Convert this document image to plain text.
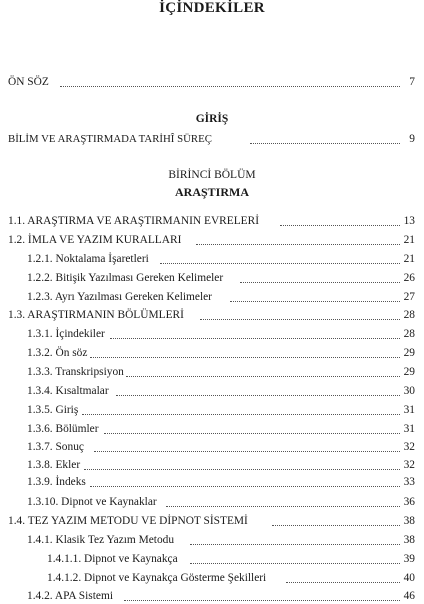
İÇİNDEKİLER
ÖN SÖZ	7
GİRİŞ
BİLİM VE ARAŞTIRMADA TARİHÎ SÜREÇ	9
BİRİNCİ BÖLÜM
ARAŞTIRMA
1.1. ARAŞTIRMA VE ARAŞTIRMANIN EVRELERİ	13
1.2. İMLA VE YAZIM KURALLARI	21
1.2.1. Noktalama İşaretleri	21
1.2.2. Bitişik Yazılması Gereken Kelimeler	26
1.2.3. Ayrı Yazılması Gereken Kelimeler	27
1.3. ARAŞTIRMANIN BÖLÜMLERİ	28
1.3.1. İçindekiler	28
1.3.2. Ön söz	29
1.3.3. Transkripsiyon	29
1.3.4. Kısaltmalar	30
1.3.5. Giriş	31
1.3.6. Bölümler	31
1.3.7. Sonuç	32
1.3.8. Ekler	32
1.3.9. İndeks	33
1.3.10. Dipnot ve Kaynaklar	36
1.4. TEZ YAZIM METODU VE DİPNOT SİSTEMİ	38
1.4.1. Klasik Tez Yazım Metodu	38
1.4.1.1. Dipnot ve Kaynakça	39
1.4.1.2. Dipnot ve Kaynakça Gösterme Şekilleri	40
1.4.2. APA Sistemi	46
